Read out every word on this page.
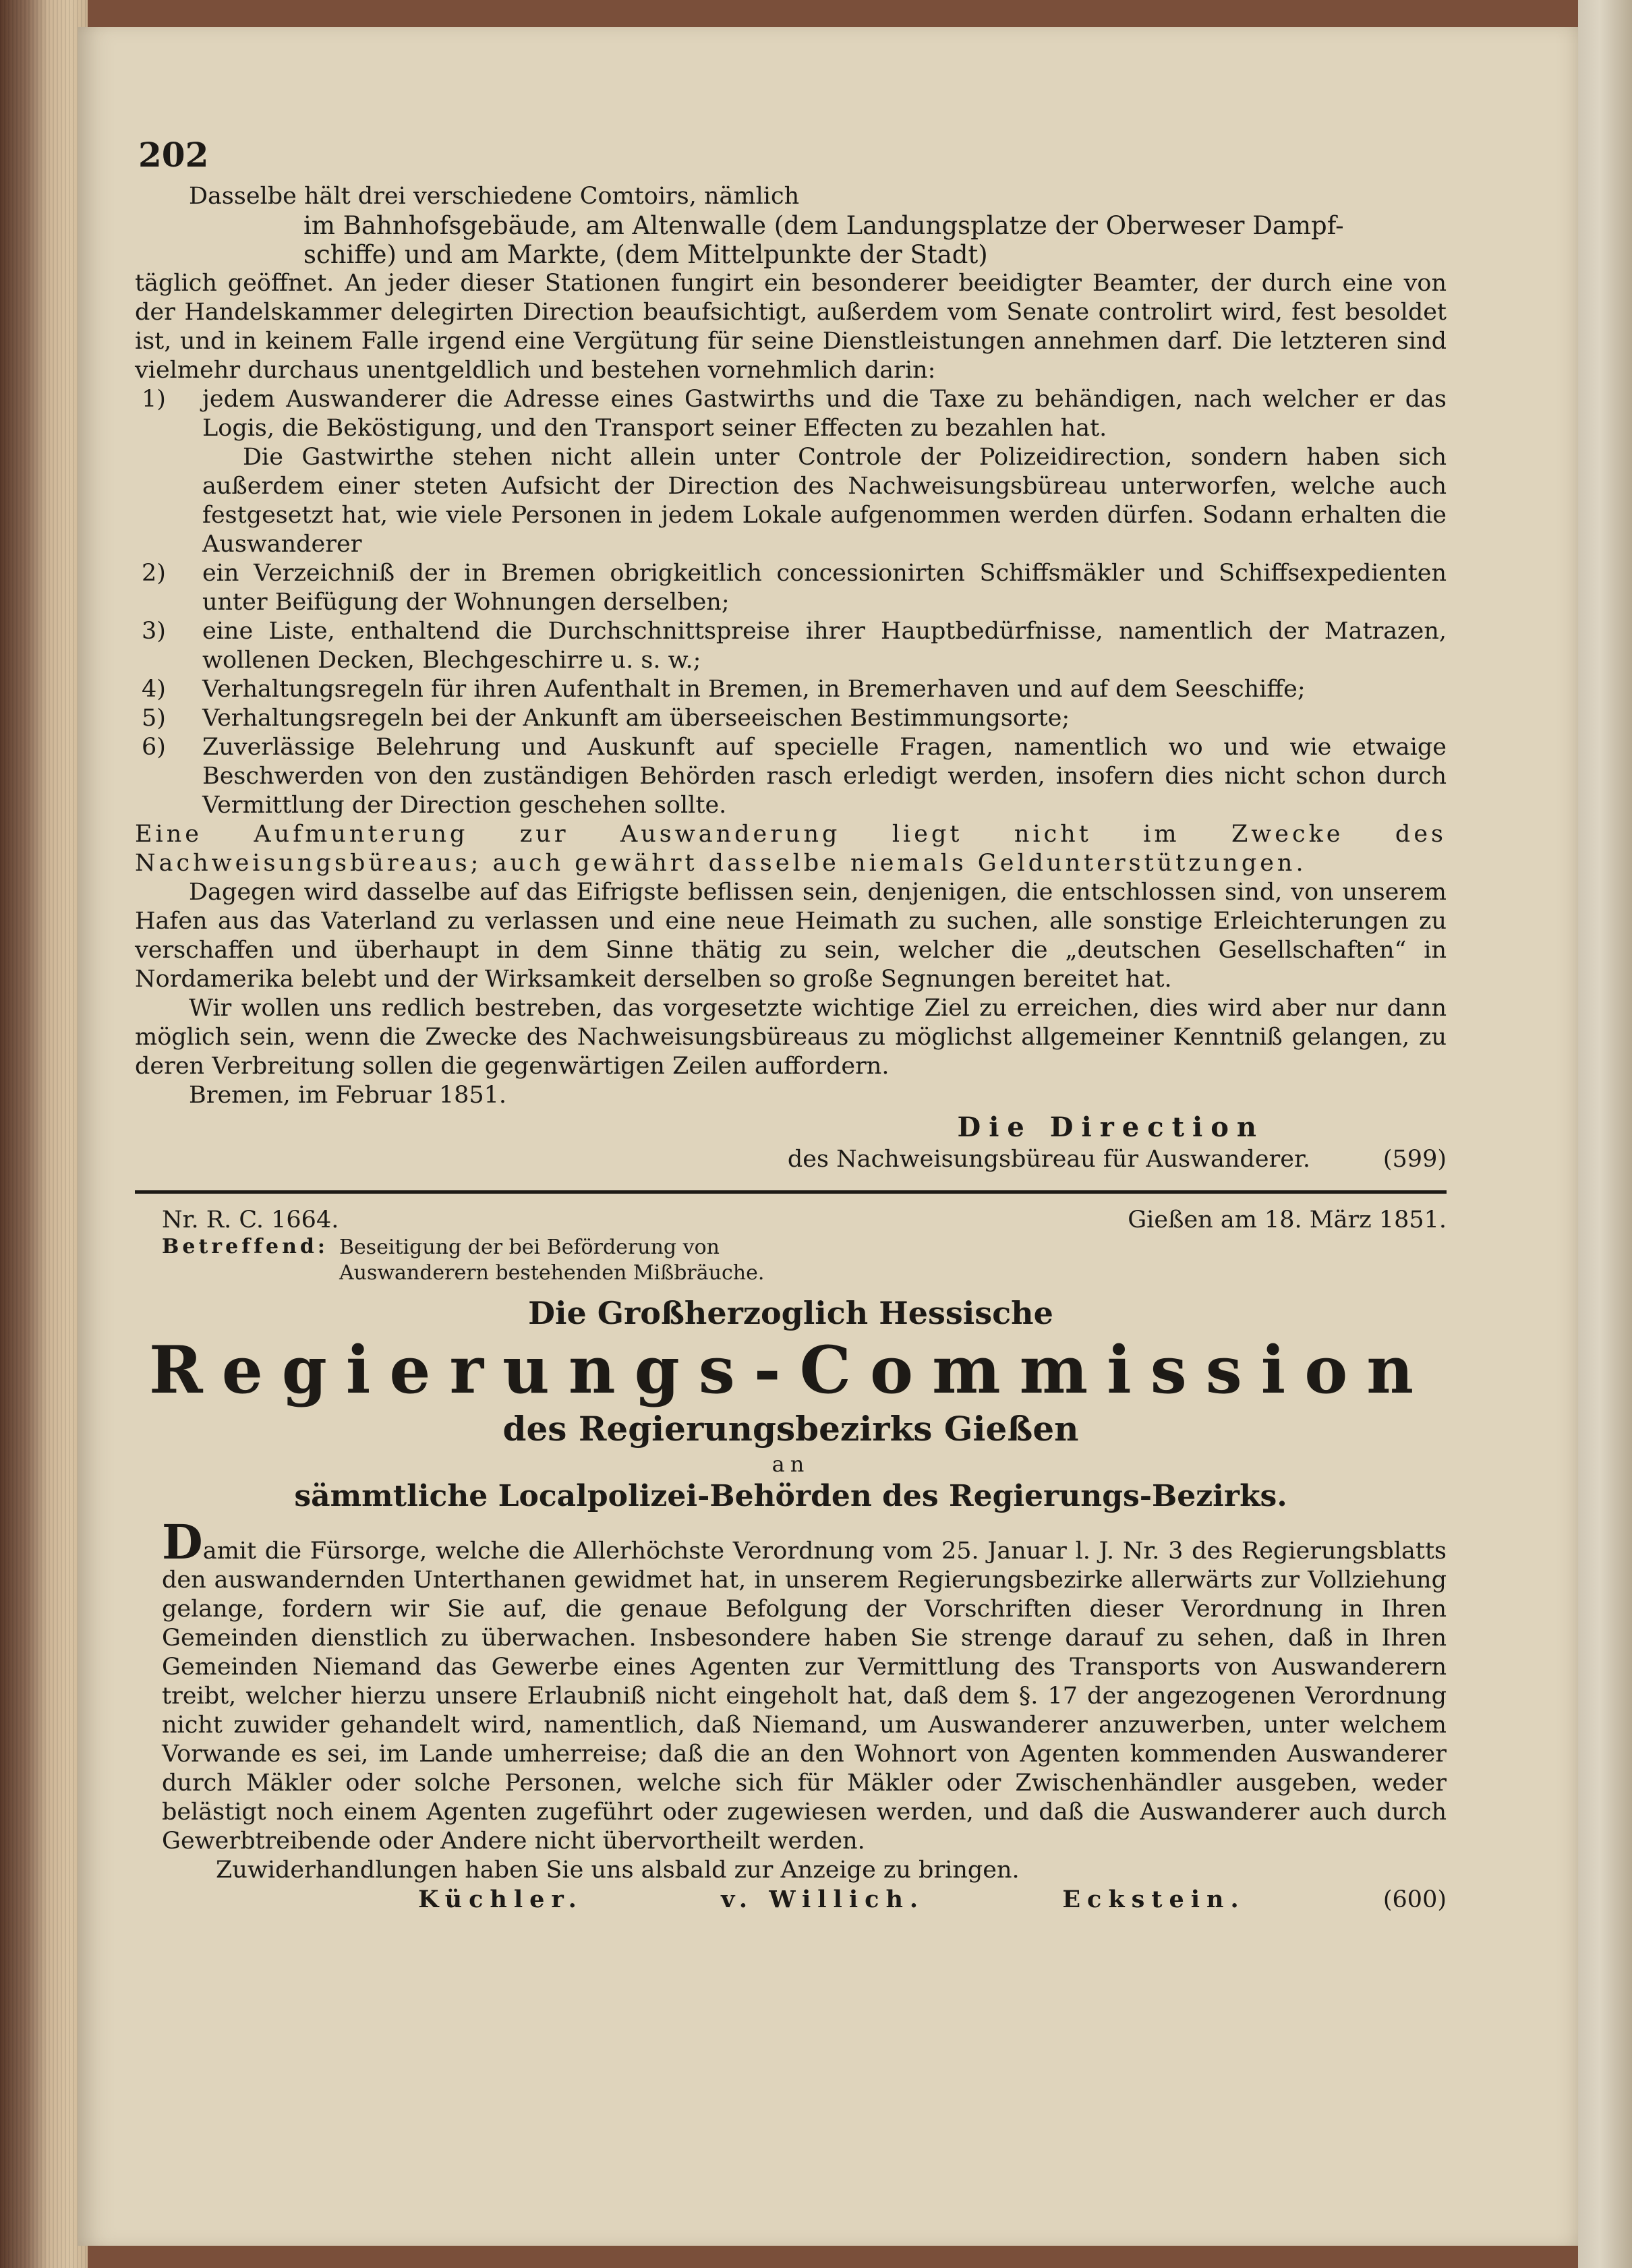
202

Dasselbe hält drei verschiedene Comtoirs, nämlich

im Bahnhofsgebäude, am Altenwalle (dem Landungsplatze der Oberweser Dampf-

schiffe) und am Markte, (dem Mittelpunkte der Stadt)

täglich geöffnet. An jeder dieser Stationen fungirt ein besonderer beeidigter Beamter, der durch eine von der Handelskammer delegirten Direction beaufsichtigt, außerdem vom Senate controlirt wird, fest besoldet ist, und in keinem Falle irgend eine Vergütung für seine Dienstleistungen annehmen darf. Die letzteren sind vielmehr durchaus unentgeldlich und bestehen vornehmlich darin:

1)	jedem Auswanderer die Adresse eines Gastwirths und die Taxe zu behändigen, nach welcher er das Logis, die Beköstigung, und den Transport seiner Effecten zu bezahlen hat.
Die Gastwirthe stehen nicht allein unter Controle der Polizeidirection, sondern haben sich außerdem einer steten Aufsicht der Direction des Nachweisungsbüreau unterworfen, welche auch festgesetzt hat, wie viele Personen in jedem Lokale aufgenommen werden dürfen. Sodann erhalten die Auswanderer
2)	ein Verzeichniß der in Bremen obrigkeitlich concessionirten Schiffsmäkler und Schiffsexpedienten unter Beifügung der Wohnungen derselben;
3)	eine Liste, enthaltend die Durchschnittspreise ihrer Hauptbedürfnisse, namentlich der Matrazen, wollenen Decken, Blechgeschirre u. s. w.;
4)	Verhaltungsregeln für ihren Aufenthalt in Bremen, in Bremerhaven und auf dem Seeschiffe;
5)	Verhaltungsregeln bei der Ankunft am überseeischen Bestimmungsorte;
6)	Zuverlässige Belehrung und Auskunft auf specielle Fragen, namentlich wo und wie etwaige Beschwerden von den zuständigen Behörden rasch erledigt werden, insofern dies nicht schon durch Vermittlung der Direction geschehen sollte.

Eine Aufmunterung zur Auswanderung liegt nicht im Zwecke des Nachweisungsbüreaus; auch gewährt dasselbe niemals Geldunterstützungen.

Dagegen wird dasselbe auf das Eifrigste beflissen sein, denjenigen, die entschlossen sind, von unserem Hafen aus das Vaterland zu verlassen und eine neue Heimath zu suchen, alle sonstige Erleichterungen zu verschaffen und überhaupt in dem Sinne thätig zu sein, welcher die „deutschen Gesellschaften“ in Nordamerika belebt und der Wirksamkeit derselben so große Segnungen bereitet hat.

Wir wollen uns redlich bestreben, das vorgesetzte wichtige Ziel zu erreichen, dies wird aber nur dann möglich sein, wenn die Zwecke des Nachweisungsbüreaus zu möglichst allgemeiner Kenntniß gelangen, zu deren Verbreitung sollen die gegenwärtigen Zeilen auffordern.

Bremen, im Februar 1851.

Die Direction
des Nachweisungsbüreau für Auswanderer.	(599)
Nr. R. C. 1664.	Gießen am 18. März 1851.
Betreffend: Beseitigung der bei Beförderung von Auswanderern bestehenden Mißbräuche.
Die Großherzoglich Hessische
Regierungs-Commission
des Regierungsbezirks Gießen
an
sämmtliche Localpolizei-Behörden des Regierungs-Bezirks.

Damit die Fürsorge, welche die Allerhöchste Verordnung vom 25. Januar l. J. Nr. 3 des Regierungsblatts den auswandernden Unterthanen gewidmet hat, in unserem Regierungsbezirke allerwärts zur Vollziehung gelange, fordern wir Sie auf, die genaue Befolgung der Vorschriften dieser Verordnung in Ihren Gemeinden dienstlich zu überwachen. Insbesondere haben Sie strenge darauf zu sehen, daß in Ihren Gemeinden Niemand das Gewerbe eines Agenten zur Vermittlung des Transports von Auswanderern treibt, welcher hierzu unsere Erlaubniß nicht eingeholt hat, daß dem §. 17 der angezogenen Verordnung nicht zuwider gehandelt wird, namentlich, daß Niemand, um Auswanderer anzuwerben, unter welchem Vorwande es sei, im Lande umherreise; daß die an den Wohnort von Agenten kommenden Auswanderer durch Mäkler oder solche Personen, welche sich für Mäkler oder Zwischenhändler ausgeben, weder belästigt noch einem Agenten zugeführt oder zugewiesen werden, und daß die Auswanderer auch durch Gewerbtreibende oder Andere nicht übervortheilt werden.

Zuwiderhandlungen haben Sie uns alsbald zur Anzeige zu bringen.

Küchler.	v. Willich.	Eckstein.	(600)
